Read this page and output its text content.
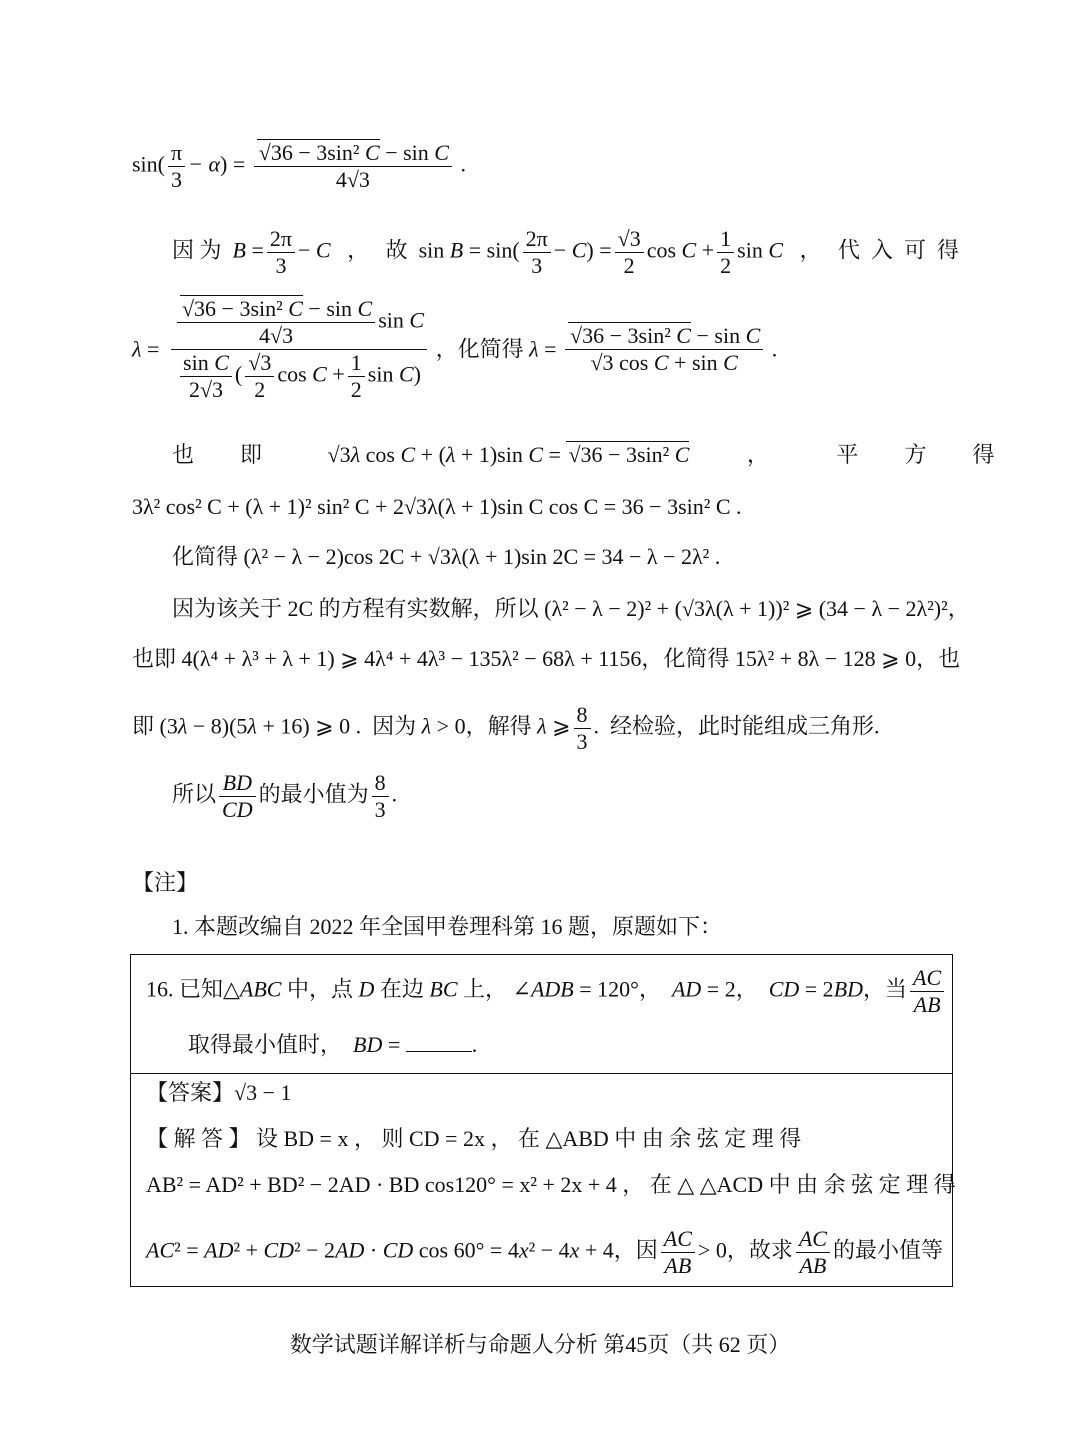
$\sin( \frac{\pi}{3} - \alpha)$ = √ $\frac{\text{36 − 3sin² C − sin C}}{4√3}$ .
因 为  $B = \frac{2\pi}{3} - C$   ，   故  $\sin B = \sin( \frac{2\pi}{3} - C) = \frac{√3}{2}$ $\cos C + \frac{1}{2}$ sin C   ，   代  入  可  得
λ = √ $\frac{\frac{\text{36 − 3sin² C − sin C}}{4√3} \sin C}{\frac{\text{sin C}}{2√3} ( \frac{√3}{2} \cos C + \frac{1}{2} \sin C)}$ ，化简得 λ = √ $\frac{\text{36 − 3sin² C − sin C}}{\text{√3 cos C + sin C}}$ .
也 即	√3λ cos C + (λ + 1)sin C = √ 36 − 3sin² C	，	平 方 得
3λ² cos² C + (λ + 1)² sin² C + 2√3λ(λ + 1)sin C cos C = 36 − 3sin² C .
化简得 (λ² − λ − 2)cos 2C + √3λ(λ + 1)sin 2C = 34 − λ − 2λ² .
因为该关于 2C 的方程有实数解，所以 (λ² − λ − 2)² + (√3λ(λ + 1))² ⩾ (34 − λ − 2λ²)²，
也即 4(λ⁴ + λ³ + λ + 1) ⩾ 4λ⁴ + 4λ³ − 135λ² − 68λ + 1156，化简得 15λ² + 8λ − 128 ⩾ 0，也
即 (3λ − 8)(5λ + 16) ⩾ 0 .  因为 λ > 0，解得 λ ⩾ $\frac{8}{3}$ .  经检验，此时能组成三角形.
所以 $\frac{BD}{CD}$ 的最小值为 $\frac{8}{3}$ .
【注】
1. 本题改编自 2022 年全国甲卷理科第 16 题，原题如下：
16. 已知△ABC 中，点 D 在边 BC 上， ∠ADB = 120°，  AD = 2，  CD = 2BD，当 $\frac{AC}{AB}$
取得最小值时，  BD =	.
【答案】√3 − 1
【 解 答 】 设 BD = x ， 则 CD = 2x ， 在 △ABD 中 由 余 弦 定 理 得
AB² = AD² + BD² − 2AD · BD cos120° = x² + 2x + 4 ， 在 △ △ACD 中 由 余 弦 定 理 得
AC² = AD² + CD² − 2AD · CD cos 60° = 4x² − 4x + 4，因 $\frac{AC}{AB} > 0$，故求 $\frac{AC}{AB}$ 的最小值等
数学试题详解详析与命题人分析 第45页（共 62 页）
